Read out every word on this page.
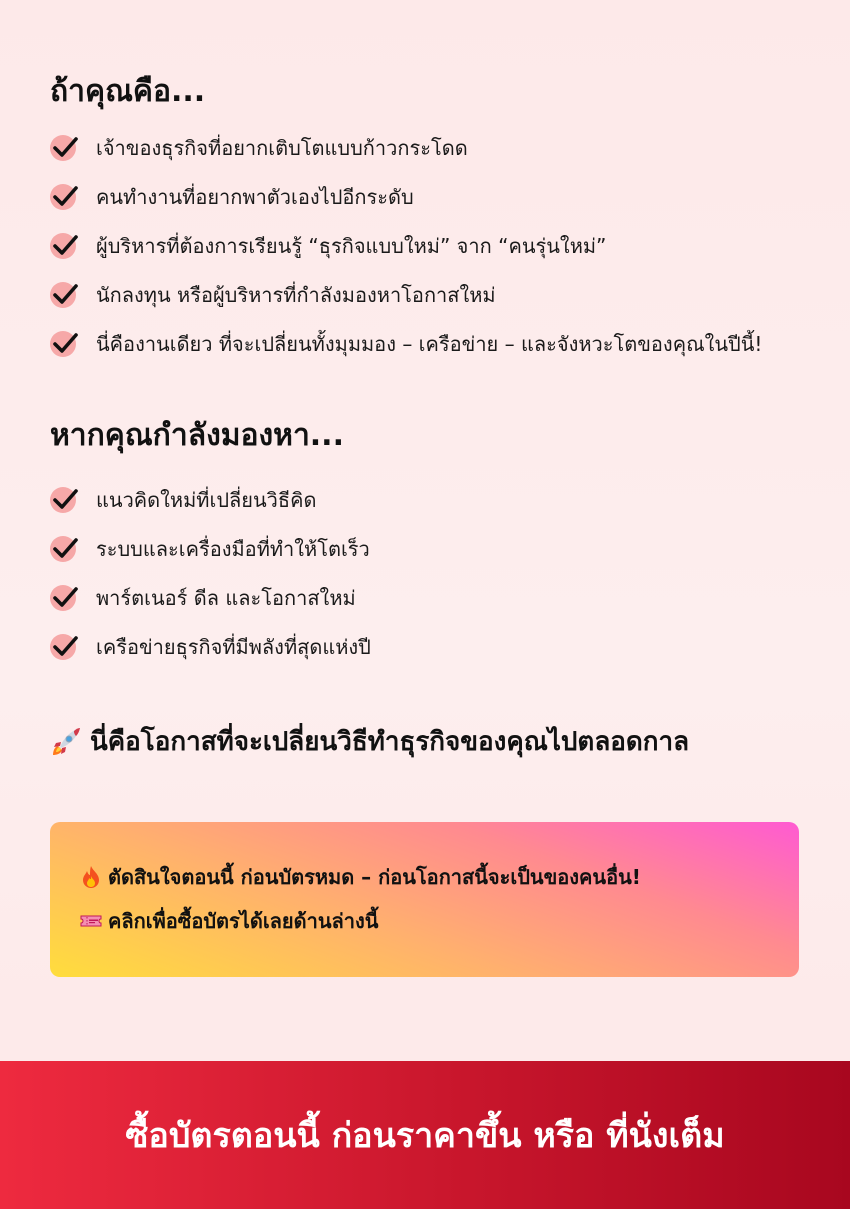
ถ้าคุณคือ...
เจ้าของธุรกิจที่อยากเติบโตแบบก้าวกระโดด
คนทำงานที่อยากพาตัวเองไปอีกระดับ
ผู้บริหารที่ต้องการเรียนรู้ “ธุรกิจแบบใหม่” จาก “คนรุ่นใหม่”
นักลงทุน หรือผู้บริหารที่กำลังมองหาโอกาสใหม่
นี่คืองานเดียว ที่จะเปลี่ยนทั้งมุมมอง – เครือข่าย – และจังหวะโตของคุณในปีนี้!
หากคุณกำลังมองหา...
แนวคิดใหม่ที่เปลี่ยนวิธีคิด
ระบบและเครื่องมือที่ทำให้โตเร็ว
พาร์ตเนอร์ ดีล และโอกาสใหม่
เครือข่ายธุรกิจที่มีพลังที่สุดแห่งปี
นี่คือโอกาสที่จะเปลี่ยนวิธีทำธุรกิจของคุณไปตลอดกาล
ตัดสินใจตอนนี้ ก่อนบัตรหมด – ก่อนโอกาสนี้จะเป็นของคนอื่น!
คลิกเพื่อซื้อบัตรได้เลยด้านล่างนี้
ซื้อบัตรตอนนี้ ก่อนราคาขึ้น หรือ ที่นั่งเต็ม
